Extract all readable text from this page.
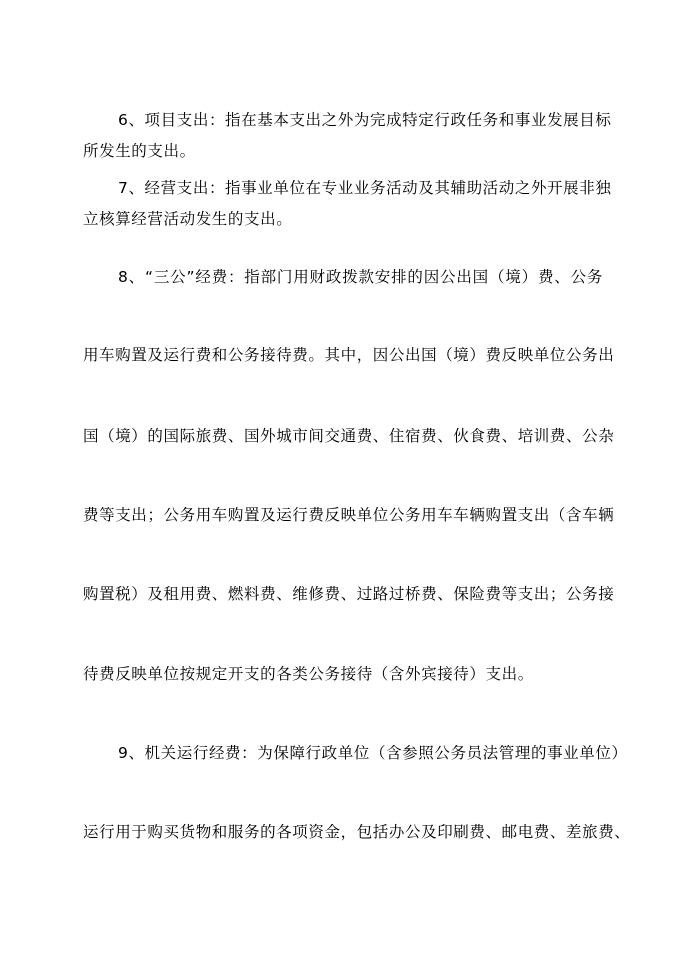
6、项目支出：指在基本支出之外为完成特定行政任务和事业发展目标
所发生的支出。
7、经营支出：指事业单位在专业业务活动及其辅助活动之外开展非独
立核算经营活动发生的支出。
8、“三公”经费：指部门用财政拨款安排的因公出国（境）费、公务
用车购置及运行费和公务接待费。其中，因公出国（境）费反映单位公务出
国（境）的国际旅费、国外城市间交通费、住宿费、伙食费、培训费、公杂
费等支出；公务用车购置及运行费反映单位公务用车车辆购置支出（含车辆
购置税）及租用费、燃料费、维修费、过路过桥费、保险费等支出；公务接
待费反映单位按规定开支的各类公务接待（含外宾接待）支出。
9、机关运行经费：为保障行政单位（含参照公务员法管理的事业单位）
运行用于购买货物和服务的各项资金，包括办公及印刷费、邮电费、差旅费、
